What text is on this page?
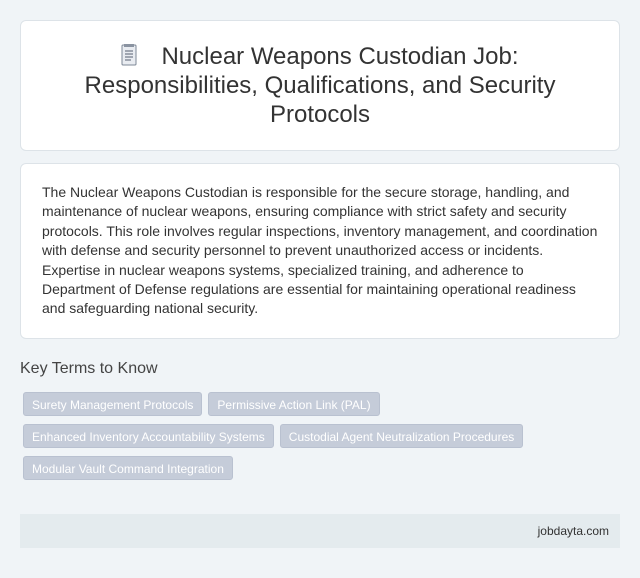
Nuclear Weapons Custodian Job: Responsibilities, Qualifications, and Security Protocols

The Nuclear Weapons Custodian is responsible for the secure storage, handling, and maintenance of nuclear weapons, ensuring compliance with strict safety and security protocols. This role involves regular inspections, inventory management, and coordination with defense and security personnel to prevent unauthorized access or incidents. Expertise in nuclear weapons systems, specialized training, and adherence to Department of Defense regulations are essential for maintaining operational readiness and safeguarding national security.

Key Terms to Know
Surety Management Protocols	Permissive Action Link (PAL)
Enhanced Inventory Accountability Systems	Custodial Agent Neutralization Procedures
Modular Vault Command Integration
jobdayta.com
